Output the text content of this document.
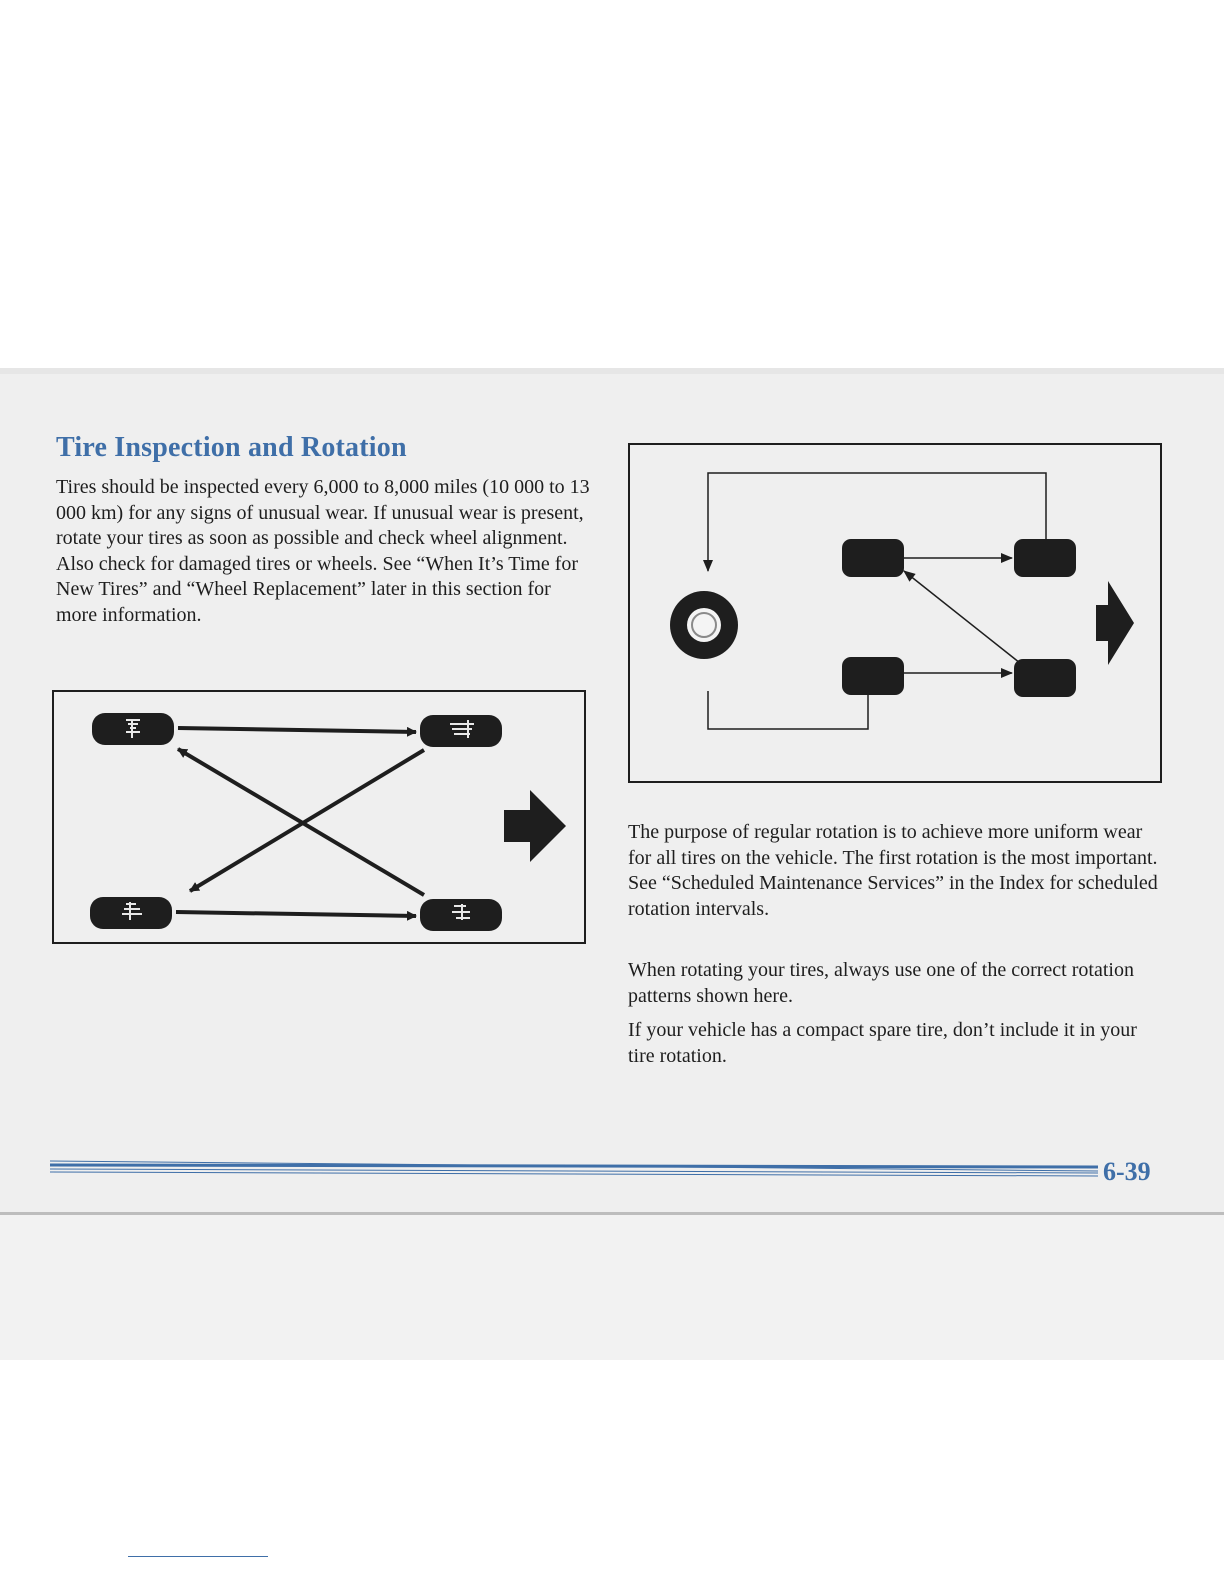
Tire Inspection and Rotation

Tires should be inspected every 6,000 to 8,000 miles (10 000 to 13 000 km) for any signs of unusual wear. If unusual wear is present, rotate your tires as soon as possible and check wheel alignment. Also check for damaged tires or wheels. See “When It’s Time for New Tires” and “Wheel Replacement” later in this section for more information.

The purpose of regular rotation is to achieve more uniform wear for all tires on the vehicle. The first rotation is the most important. See “Scheduled Maintenance Services” in the Index for scheduled rotation intervals.

When rotating your tires, always use one of the correct rotation patterns shown here.

If your vehicle has a compact spare tire, don’t include it in your tire rotation.

6-39
